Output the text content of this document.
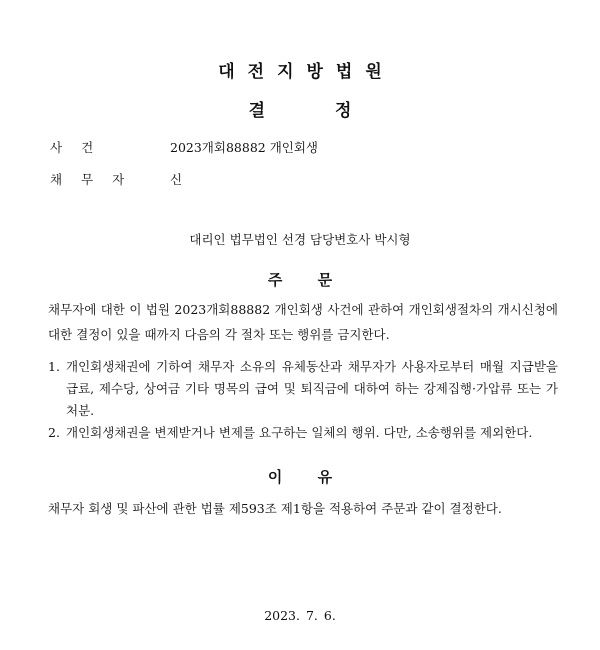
대전지방법원
결 정
사건	2023개회88882 개인회생
채무자 신
대리인 법무법인 선경 담당변호사 박시형
주 문

채무자에 대한 이 법원 2023개회88882 개인회생 사건에 관하여 개인회생절차의 개시신청에 대한 결정이 있을 때까지 다음의 각 절차 또는 행위를 금지한다.

1. 개인회생채권에 기하여 채무자 소유의 유체동산과 채무자가 사용자로부터 매월 지급받을 급료, 제수당, 상여금 기타 명목의 급여 및 퇴직금에 대하여 하는 강제집행·가압류 또는 가처분.
2. 개인회생채권을 변제받거나 변제를 요구하는 일체의 행위. 다만, 소송행위를 제외한다.
이 유

채무자 회생 및 파산에 관한 법률 제593조 제1항을 적용하여 주문과 같이 결정한다.

2023. 7. 6.
